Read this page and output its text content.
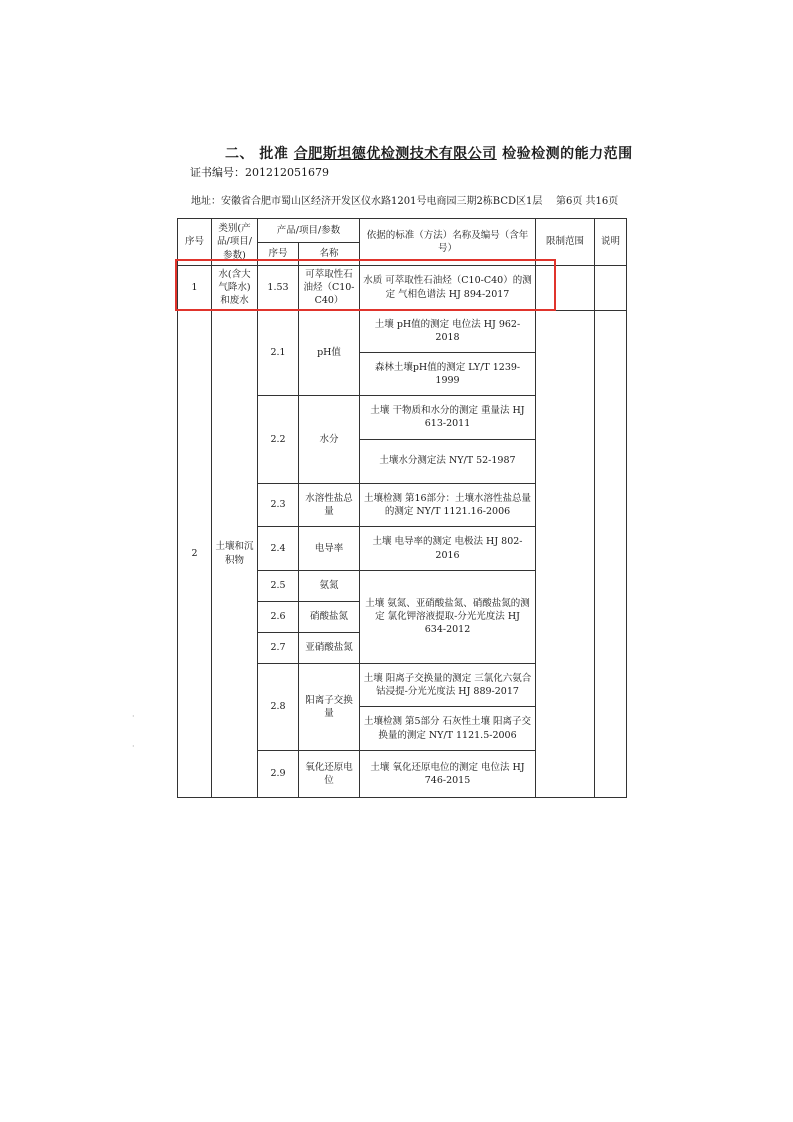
二、 批准 合肥斯坦德优检测技术有限公司 检验检测的能力范围
证书编号：201212051679
地址：安徽省合肥市蜀山区经济开发区仪水路1201号电商园三期2栋BCD区1层 第6页 共16页
序号	类别(产品/项目/参数)	产品/项目/参数		依据的标准（方法）名称及编号（含年号）	限制范围	说明
		序号	名称			
1	水(含大气降水)和废水	1.53	可萃取性石油烃（C10-C40）	水质 可萃取性石油烃（C10-C40）的测定 气相色谱法 HJ 894-2017		
2	土壤和沉积物	2.1	pH值	土壤 pH值的测定 电位法 HJ 962-2018		
				森林土壤pH值的测定 LY/T 1239-1999		
		2.2	水分	土壤 干物质和水分的测定 重量法 HJ 613-2011		
				土壤水分测定法 NY/T 52-1987		
		2.3	水溶性盐总量	土壤检测 第16部分：土壤水溶性盐总量的测定 NY/T 1121.16-2006		
		2.4	电导率	土壤 电导率的测定 电极法 HJ 802-2016		
		2.5	氨氮	土壤 氨氮、亚硝酸盐氮、硝酸盐氮的测定 氯化钾溶液提取-分光光度法 HJ 634-2012		
		2.6	硝酸盐氮			
		2.7	亚硝酸盐氮			
		2.8	阳离子交换量	土壤 阳离子交换量的测定 三氯化六氨合钴浸提-分光光度法 HJ 889-2017		
				土壤检测 第5部分 石灰性土壤 阳离子交换量的测定 NY/T 1121.5-2006		
		2.9	氧化还原电位	土壤 氧化还原电位的测定 电位法 HJ 746-2015		
·
·
